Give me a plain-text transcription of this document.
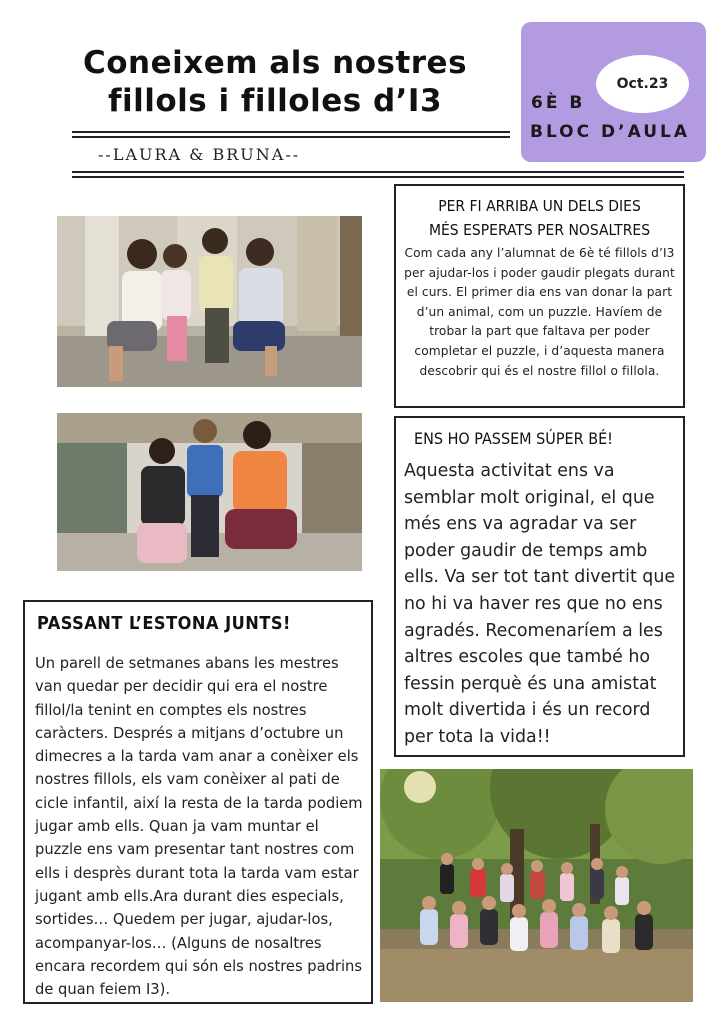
Coneixem als nostres
fillols i filloles d’I3
--LAURA & BRUNA--
Oct.23
6È B
BLOC D’AULA
PER FI ARRIBA UN DELS DIES
MÉS ESPERATS PER NOSALTRES
Com cada any l’alumnat de 6è té fillols d’I3 per ajudar-los i poder gaudir plegats durant el curs. El primer dia ens van donar la part d’un animal, com un puzzle. Havíem de trobar la part que faltava per poder completar el puzzle, i d’aquesta manera descobrir qui és el nostre fillol o fillola.
ENS HO PASSEM SÚPER BÉ!
Aquesta activitat ens va semblar molt original, el que més ens va agradar va ser poder gaudir de temps amb ells. Va ser tot tant divertit que no hi va haver res que no ens agradés. Recomenaríem a les altres escoles que també ho fessin perquè és una amistat molt divertida i és un record per tota la vida!!
PASSANT L’ESTONA JUNTS!
Un parell de setmanes abans les mestres van quedar per decidir qui era el nostre fillol/la tenint en comptes els nostres caràcters. Després a mitjans d’octubre un dimecres a la tarda vam anar a conèixer els nostres fillols, els vam conèixer al pati de cicle infantil, així la resta de la tarda podiem jugar amb ells. Quan ja vam muntar el puzzle ens vam presentar tant nostres com ells i desprès durant tota la tarda vam estar jugant amb ells.Ara durant dies especials, sortides… Quedem per jugar, ajudar-los, acompanyar-los… (Alguns de nosaltres encara recordem qui són els nostres padrins de quan feiem I3).
